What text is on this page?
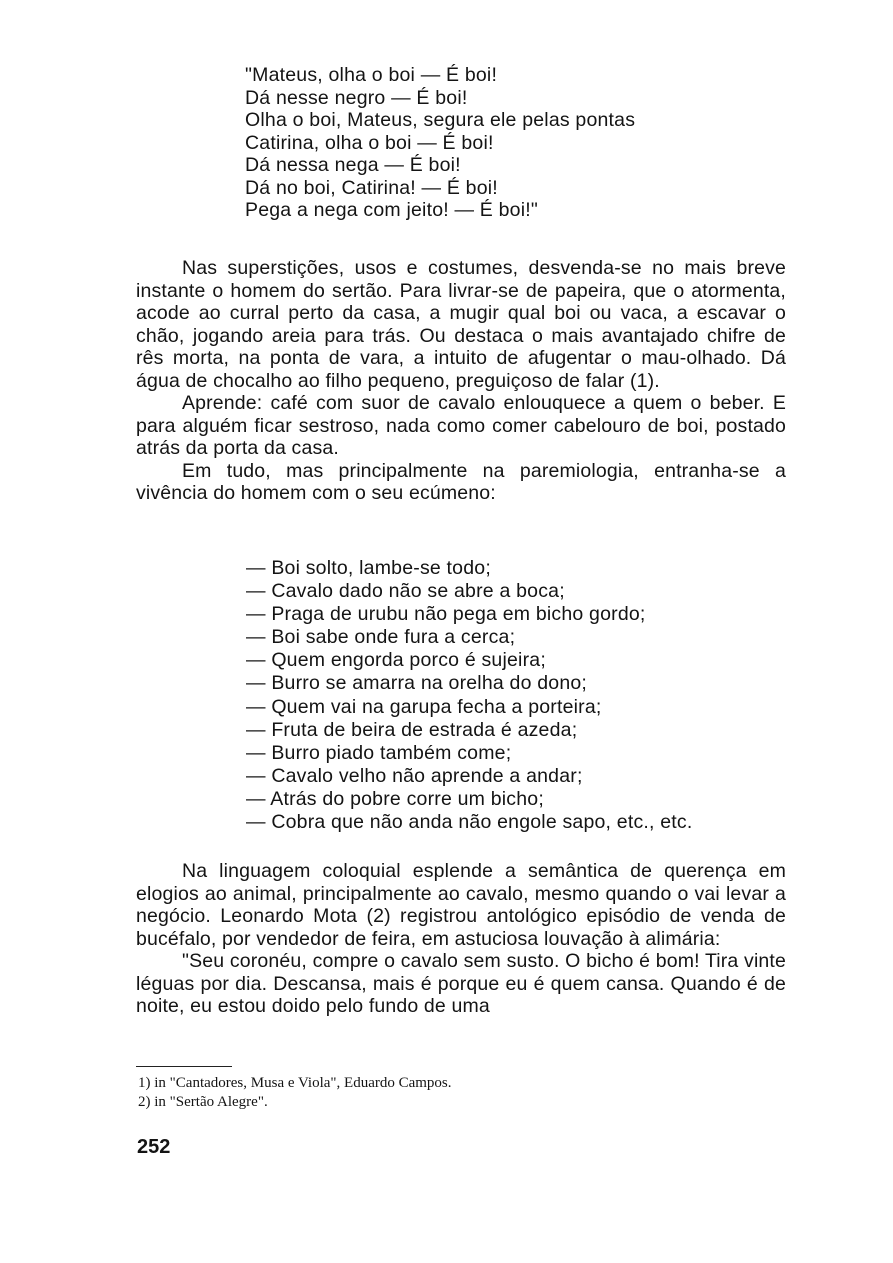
"Mateus, olha o boi — É boi!
Dá nesse negro — É boi!
Olha o boi, Mateus, segura ele pelas pontas
Catirina, olha o boi — É boi!
Dá nessa nega — É boi!
Dá no boi, Catirina! — É boi!
Pega a nega com jeito! — É boi!"

Nas superstições, usos e costumes, desvenda-se no mais breve instante o homem do sertão. Para livrar-se de papeira, que o atormenta, acode ao curral perto da casa, a mugir qual boi ou vaca, a escavar o chão, jogando areia para trás. Ou destaca o mais avantajado chifre de rês morta, na ponta de vara, a intuito de afugentar o mau-olhado. Dá água de chocalho ao filho pequeno, preguiçoso de falar (1).

Aprende: café com suor de cavalo enlouquece a quem o beber. E para alguém ficar sestroso, nada como comer cabelouro de boi, postado atrás da porta da casa.

Em tudo, mas principalmente na paremiologia, entranha-se a vivência do homem com o seu ecúmeno:

— Boi solto, lambe-se todo;
— Cavalo dado não se abre a boca;
— Praga de urubu não pega em bicho gordo;
— Boi sabe onde fura a cerca;
— Quem engorda porco é sujeira;
— Burro se amarra na orelha do dono;
— Quem vai na garupa fecha a porteira;
— Fruta de beira de estrada é azeda;
— Burro piado também come;
— Cavalo velho não aprende a andar;
— Atrás do pobre corre um bicho;
— Cobra que não anda não engole sapo, etc., etc.

Na linguagem coloquial esplende a semântica de querença em elogios ao animal, principalmente ao cavalo, mesmo quando o vai levar a negócio. Leonardo Mota (2) registrou antológico episódio de venda de bucéfalo, por vendedor de feira, em astuciosa louvação à alimária:

"Seu coronéu, compre o cavalo sem susto. O bicho é bom! Tira vinte léguas por dia. Descansa, mais é porque eu é quem cansa. Quando é de noite, eu estou doido pelo fundo de uma

1) in "Cantadores, Musa e Viola", Eduardo Campos.
2) in "Sertão Alegre".
252
